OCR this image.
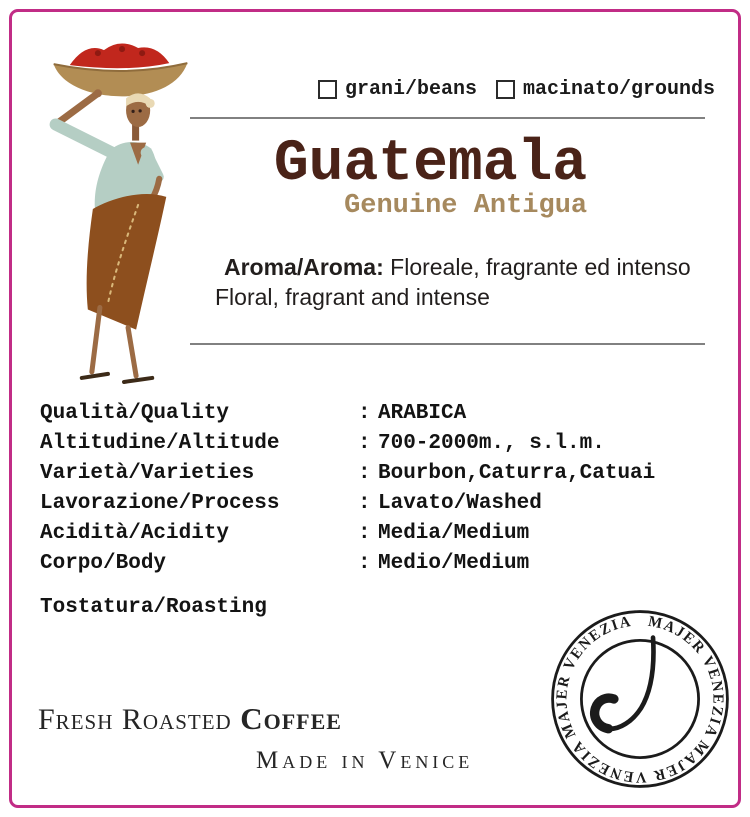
grani/beans macinato/grounds
Guatemala
Genuine Antigua

Aroma/Aroma: Floreale, fragrante ed intenso

Floral, fragrant and intense

Qualità/Quality	: ARABICA
Altitudine/Altitude	: 700-2000m., s.l.m.
Varietà/Varieties	: Bourbon,Caturra,Catuai
Lavorazione/Process	: Lavato/Washed
Acidità/Acidity	: Media/Medium
Corpo/Body	: Medio/Medium
Tostatura/Roasting
MAJER VENEZIA MAJER VENEZIA MAJER VENEZIA
Fresh Roasted Coffee
Made in Venice
